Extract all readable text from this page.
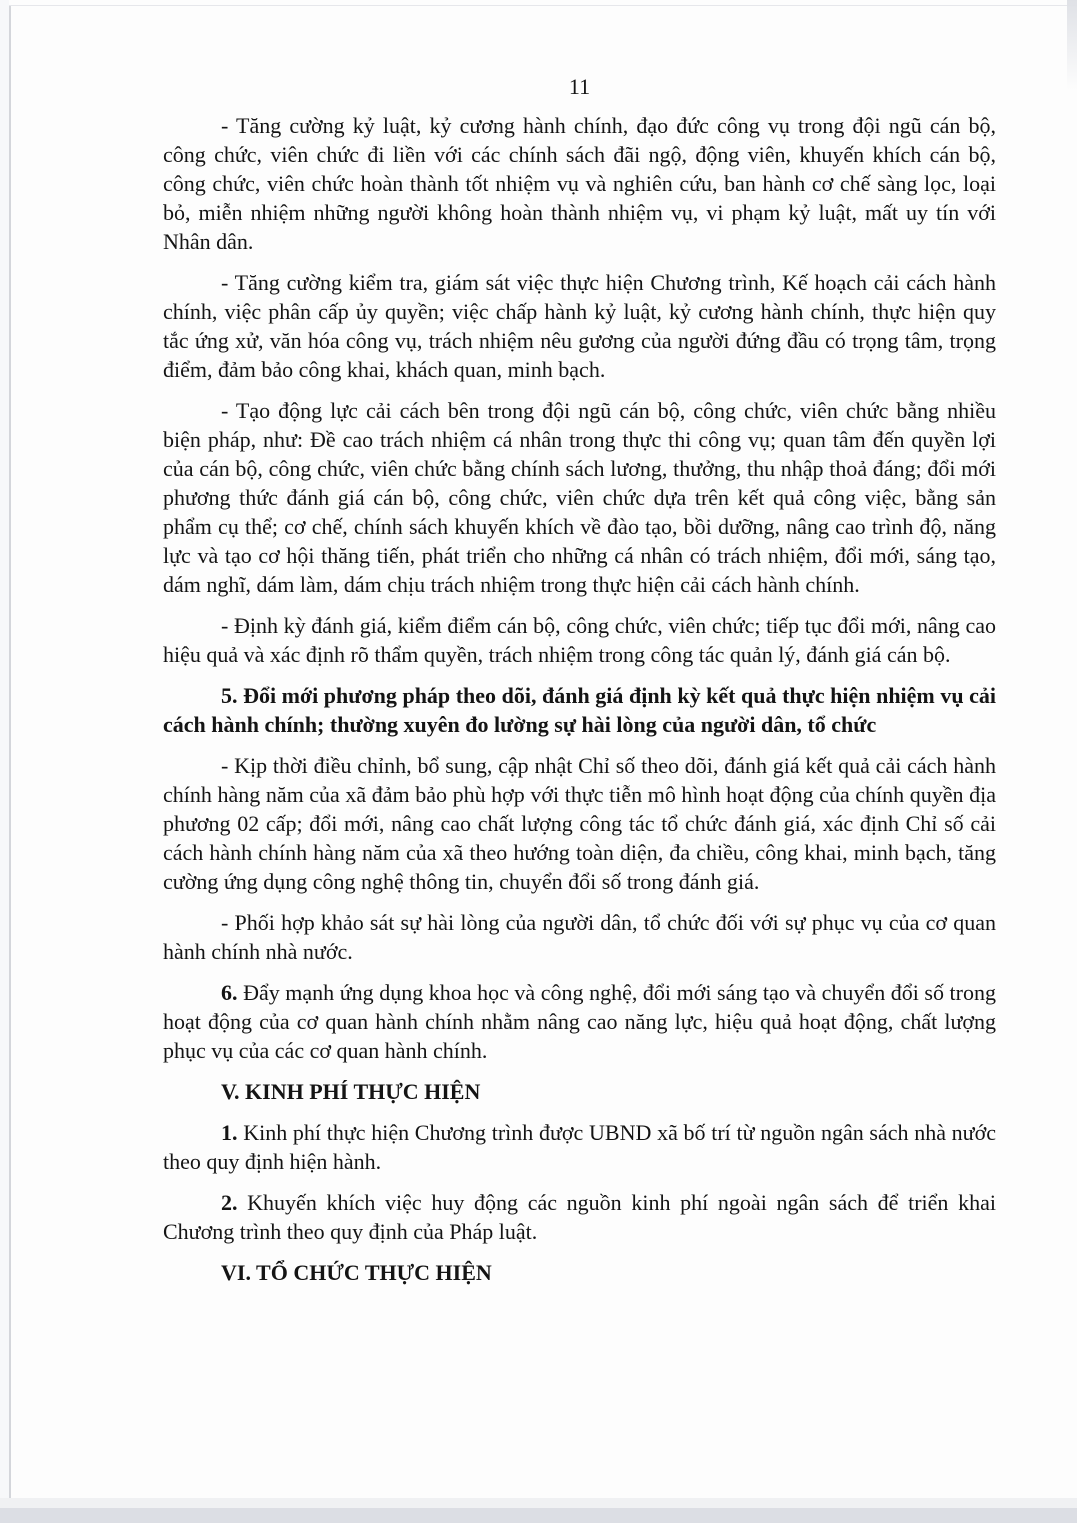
11

- Tăng cường kỷ luật, kỷ cương hành chính, đạo đức công vụ trong đội ngũ cán bộ, công chức, viên chức đi liền với các chính sách đãi ngộ, động viên, khuyến khích cán bộ, công chức, viên chức hoàn thành tốt nhiệm vụ và nghiên cứu, ban hành cơ chế sàng lọc, loại bỏ, miễn nhiệm những người không hoàn thành nhiệm vụ, vi phạm kỷ luật, mất uy tín với Nhân dân.

- Tăng cường kiểm tra, giám sát việc thực hiện Chương trình, Kế hoạch cải cách hành chính, việc phân cấp ủy quyền; việc chấp hành kỷ luật, kỷ cương hành chính, thực hiện quy tắc ứng xử, văn hóa công vụ, trách nhiệm nêu gương của người đứng đầu có trọng tâm, trọng điểm, đảm bảo công khai, khách quan, minh bạch.

- Tạo động lực cải cách bên trong đội ngũ cán bộ, công chức, viên chức bằng nhiều biện pháp, như: Đề cao trách nhiệm cá nhân trong thực thi công vụ; quan tâm đến quyền lợi của cán bộ, công chức, viên chức bằng chính sách lương, thưởng, thu nhập thoả đáng; đổi mới phương thức đánh giá cán bộ, công chức, viên chức dựa trên kết quả công việc, bằng sản phẩm cụ thể; cơ chế, chính sách khuyến khích về đào tạo, bồi dưỡng, nâng cao trình độ, năng lực và tạo cơ hội thăng tiến, phát triển cho những cá nhân có trách nhiệm, đổi mới, sáng tạo, dám nghĩ, dám làm, dám chịu trách nhiệm trong thực hiện cải cách hành chính.

- Định kỳ đánh giá, kiểm điểm cán bộ, công chức, viên chức; tiếp tục đổi mới, nâng cao hiệu quả và xác định rõ thẩm quyền, trách nhiệm trong công tác quản lý, đánh giá cán bộ.

5. Đổi mới phương pháp theo dõi, đánh giá định kỳ kết quả thực hiện nhiệm vụ cải cách hành chính; thường xuyên đo lường sự hài lòng của người dân, tổ chức

- Kịp thời điều chỉnh, bổ sung, cập nhật Chỉ số theo dõi, đánh giá kết quả cải cách hành chính hàng năm của xã đảm bảo phù hợp với thực tiễn mô hình hoạt động của chính quyền địa phương 02 cấp; đổi mới, nâng cao chất lượng công tác tổ chức đánh giá, xác định Chỉ số cải cách hành chính hàng năm của xã theo hướng toàn diện, đa chiều, công khai, minh bạch, tăng cường ứng dụng công nghệ thông tin, chuyển đổi số trong đánh giá.

- Phối hợp khảo sát sự hài lòng của người dân, tổ chức đối với sự phục vụ của cơ quan hành chính nhà nước.

6. Đẩy mạnh ứng dụng khoa học và công nghệ, đổi mới sáng tạo và chuyển đổi số trong hoạt động của cơ quan hành chính nhằm nâng cao năng lực, hiệu quả hoạt động, chất lượng phục vụ của các cơ quan hành chính.

V. KINH PHÍ THỰC HIỆN

1. Kinh phí thực hiện Chương trình được UBND xã bố trí từ nguồn ngân sách nhà nước theo quy định hiện hành.

2. Khuyến khích việc huy động các nguồn kinh phí ngoài ngân sách để triển khai Chương trình theo quy định của Pháp luật.

VI. TỔ CHỨC THỰC HIỆN
